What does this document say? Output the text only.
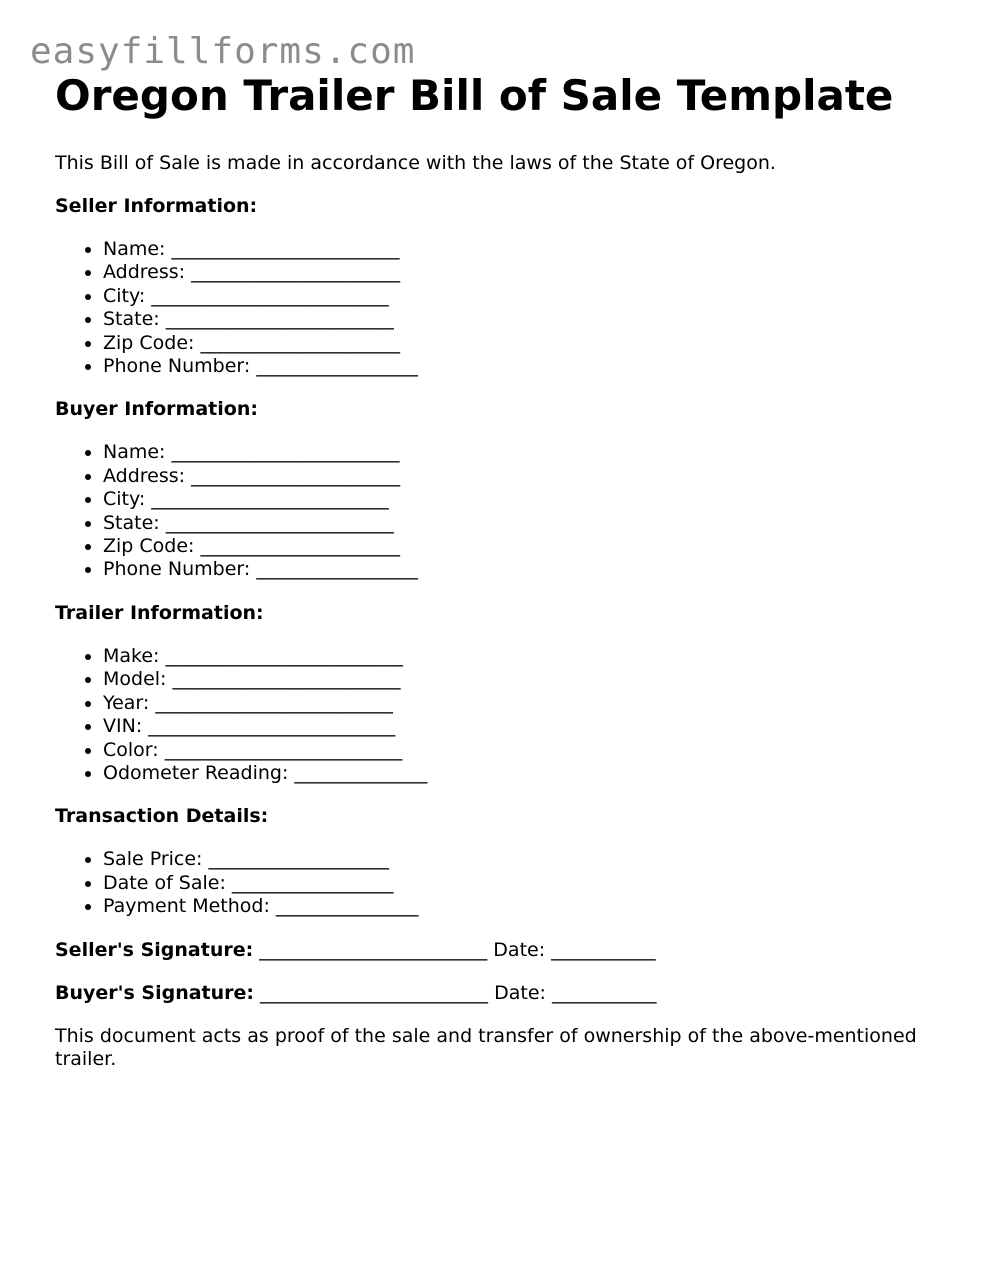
easyfillforms.com
Oregon Trailer Bill of Sale Template

This Bill of Sale is made in accordance with the laws of the State of Oregon.

Seller Information:
• Name: ________________________
• Address: ______________________
• City: _________________________
• State: ________________________
• Zip Code: _____________________
• Phone Number: _________________
Buyer Information:
• Name: ________________________
• Address: ______________________
• City: _________________________
• State: ________________________
• Zip Code: _____________________
• Phone Number: _________________
Trailer Information:
• Make: _________________________
• Model: ________________________
• Year: _________________________
• VIN: __________________________
• Color: _________________________
• Odometer Reading: ______________
Transaction Details:
• Sale Price: ___________________
• Date of Sale: _________________
• Payment Method: _______________

Seller's Signature: ________________________ Date: ___________

Buyer's Signature: ________________________ Date: ___________

This document acts as proof of the sale and transfer of ownership of the above-mentioned trailer.
